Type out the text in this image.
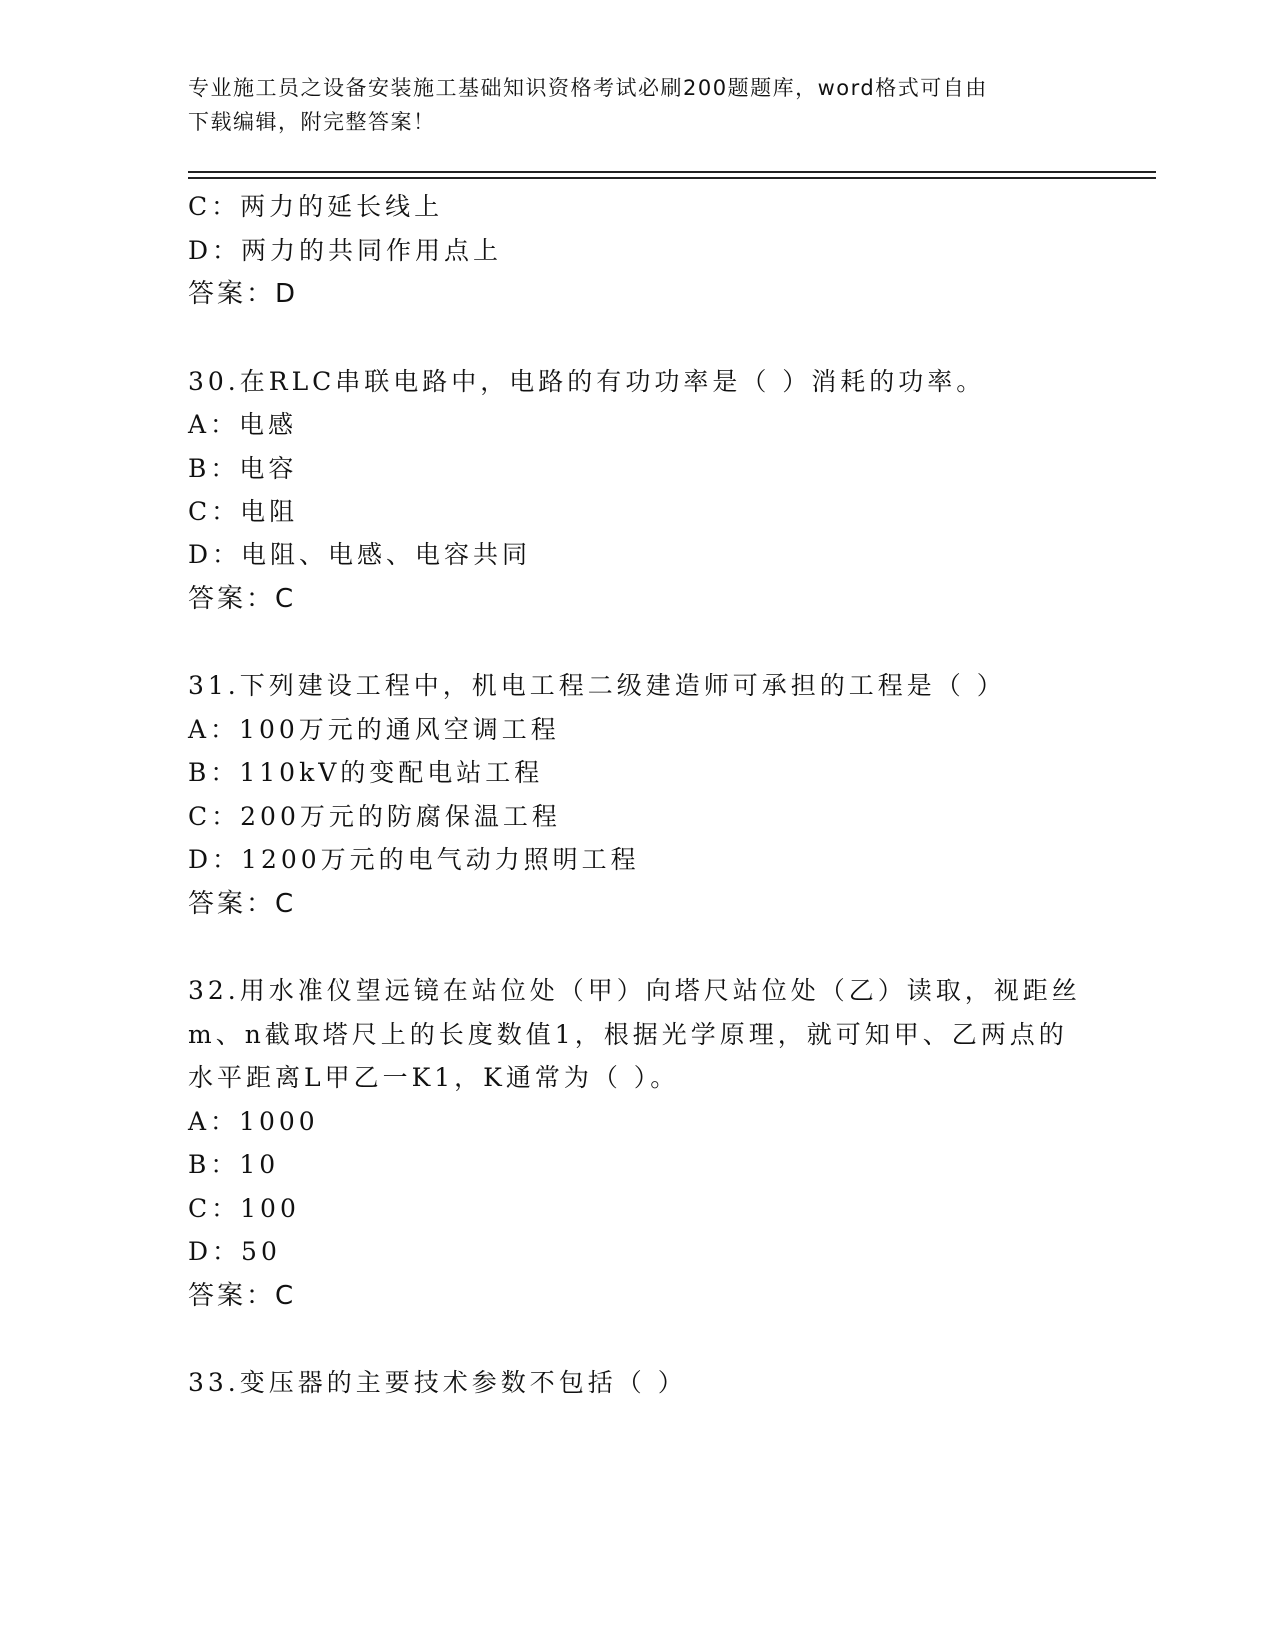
专业施工员之设备安装施工基础知识资格考试必刷200题题库，word格式可自由
下载编辑，附完整答案！
C：两力的延长线上
D：两力的共同作用点上
答案：D
30.在RLC串联电路中，电路的有功功率是（ ）消耗的功率。
A：电感
B：电容
C：电阻
D：电阻、电感、电容共同
答案：C
31.下列建设工程中，机电工程二级建造师可承担的工程是（ ）
A：100万元的通风空调工程
B：110kV的变配电站工程
C：200万元的防腐保温工程
D：1200万元的电气动力照明工程
答案：C
32.用水准仪望远镜在站位处（甲）向塔尺站位处（乙）读取，视距丝
m、n截取塔尺上的长度数值1，根据光学原理，就可知甲、乙两点的
水平距离L甲乙一K1，K通常为（ ）。
A：1000
B：10
C：100
D：50
答案：C
33.变压器的主要技术参数不包括（ ）
